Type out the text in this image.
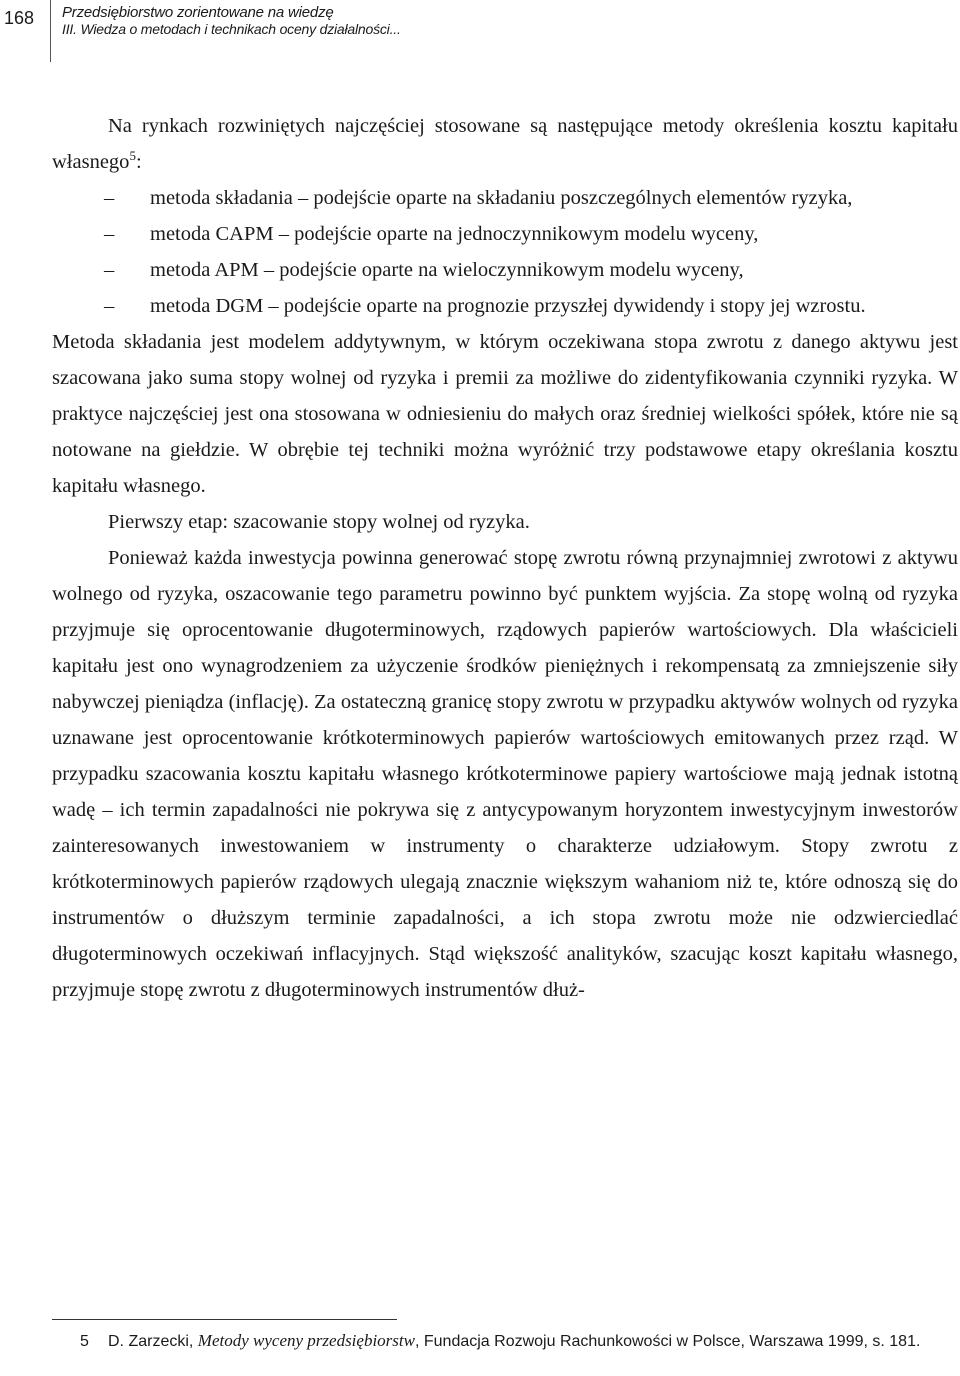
168 Przedsiębiorstwo zorientowane na wiedzę
III. Wiedza o metodach i technikach oceny działalności...

Na rynkach rozwiniętych najczęściej stosowane są następujące metody określenia kosztu kapitału własnego$^5$:

– metoda składania – podejście oparte na składaniu poszczególnych elementów ryzyka,
– metoda CAPM – podejście oparte na jednoczynnikowym modelu wyceny,
– metoda APM – podejście oparte na wieloczynnikowym modelu wyceny,
– metoda DGM – podejście oparte na prognozie przyszłej dywidendy i stopy jej wzrostu.

Metoda składania jest modelem addytywnym, w którym oczekiwana stopa zwrotu z danego aktywu jest szacowana jako suma stopy wolnej od ryzyka i premii za możliwe do zidentyfikowania czynniki ryzyka. W praktyce najczęściej jest ona stosowana w odniesieniu do małych oraz średniej wielkości spółek, które nie są notowane na giełdzie. W obrębie tej techniki można wyróżnić trzy podstawowe etapy określania kosztu kapitału własnego.

Pierwszy etap: szacowanie stopy wolnej od ryzyka.

Ponieważ każda inwestycja powinna generować stopę zwrotu równą przynajmniej zwrotowi z aktywu wolnego od ryzyka, oszacowanie tego parametru powinno być punktem wyjścia. Za stopę wolną od ryzyka przyjmuje się oprocentowanie długoterminowych, rządowych papierów wartościowych. Dla właścicieli kapitału jest ono wynagrodzeniem za użyczenie środków pieniężnych i rekompensatą za zmniejszenie siły nabywczej pieniądza (inflację). Za ostateczną granicę stopy zwrotu w przypadku aktywów wolnych od ryzyka uznawane jest oprocentowanie krótkoterminowych papierów wartościowych emitowanych przez rząd. W przypadku szacowania kosztu kapitału własnego krótkoterminowe papiery wartościowe mają jednak istotną wadę – ich termin zapadalności nie pokrywa się z antycypowanym horyzontem inwestycyjnym inwestorów zainteresowanych inwestowaniem w instrumenty o charakterze udziałowym. Stopy zwrotu z krótkoterminowych papierów rządowych ulegają znacznie większym wahaniom niż te, które odnoszą się do instrumentów o dłuższym terminie zapadalności, a ich stopa zwrotu może nie odzwierciedlać długoterminowych oczekiwań inflacyjnych. Stąd większość analityków, szacując koszt kapitału własnego, przyjmuje stopę zwrotu z długoterminowych instrumentów dłuż-

5 D. Zarzecki, Metody wyceny przedsiębiorstw, Fundacja Rozwoju Rachunkowości w Polsce, Warszawa 1999, s. 181.
